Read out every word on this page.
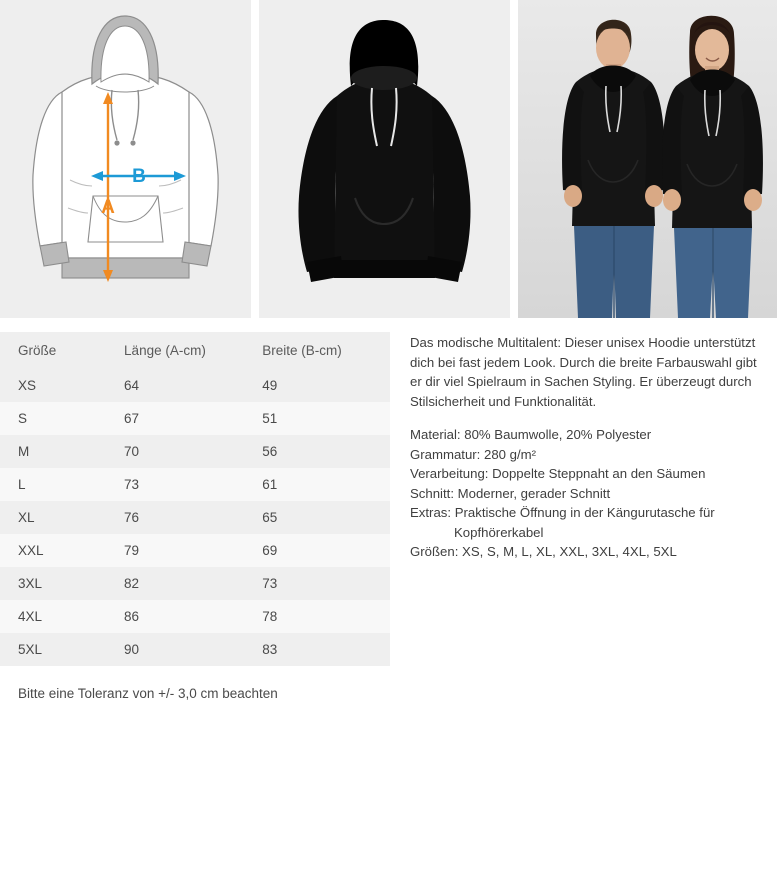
A
B
Größe	Länge (A-cm)	Breite (B-cm)
XS	64	49
S	67	51
M	70	56
L	73	61
XL	76	65
XXL	79	69
3XL	82	73
4XL	86	78
5XL	90	83
Bitte eine Toleranz von +/- 3,0 cm beachten

Das modische Multitalent: Dieser unisex Hoodie unterstützt dich bei fast jedem Look. Durch die breite Farbauswahl gibt er dir viel Spielraum in Sachen Styling. Er überzeugt durch Stilsicherheit und Funktionalität.

Material: 80% Baumwolle, 20% Polyester
Grammatur: 280 g/m²
Verarbeitung: Doppelte Steppnaht an den Säumen
Schnitt: Moderner, gerader Schnitt
Extras: Praktische Öffnung in der Kängurutasche für
Kopfhörerkabel
Größen: XS, S, M, L, XL, XXL, 3XL, 4XL, 5XL
